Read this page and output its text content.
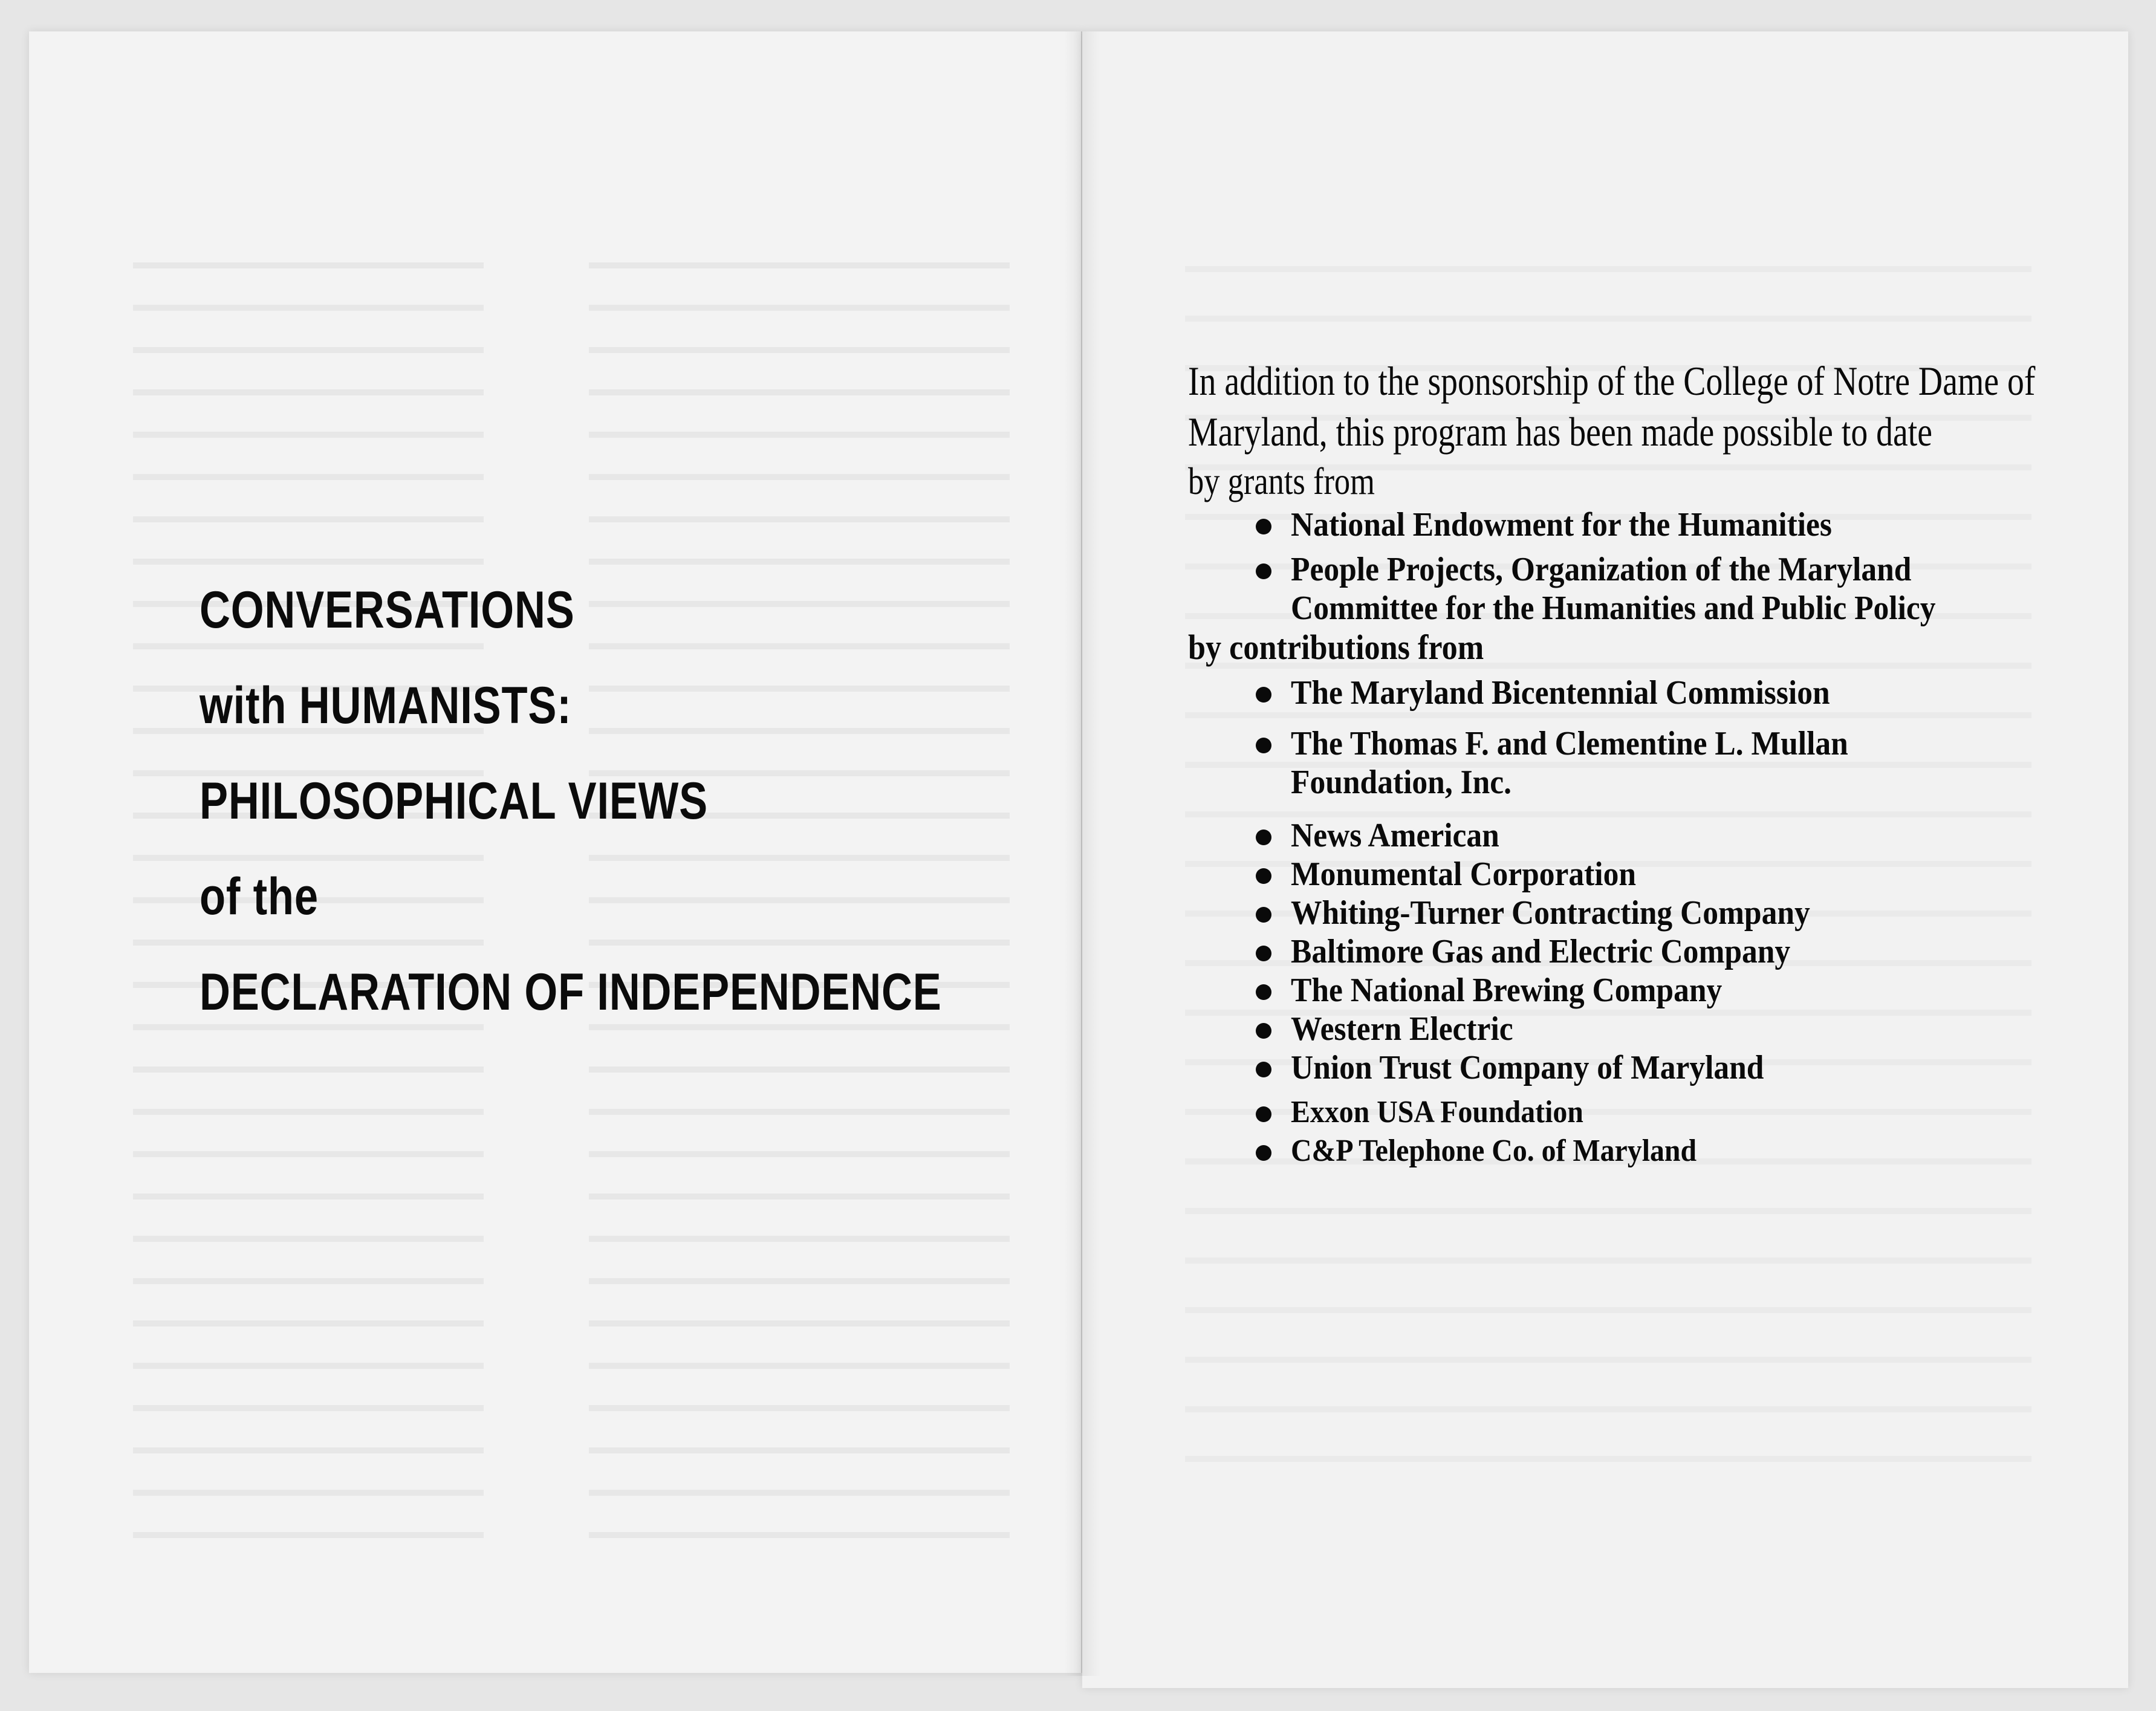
CONVERSATIONS
with HUMANISTS:
PHILOSOPHICAL VIEWS
of the
DECLARATION OF INDEPENDENCE

In addition to the sponsorship of the College of Notre Dame of Maryland, this program has been made possible to date

by grants from

National Endowment for the Humanities
People Projects, Organization of the Maryland Committee for the Humanities and Public Policy

by contributions from

The Maryland Bicentennial Commission
The Thomas F. and Clementine L. Mullan Foundation, Inc.
News American
Monumental Corporation
Whiting-Turner Contracting Company
Baltimore Gas and Electric Company
The National Brewing Company
Western Electric
Union Trust Company of Maryland
Exxon USA Foundation
C&P Telephone Co. of Maryland
